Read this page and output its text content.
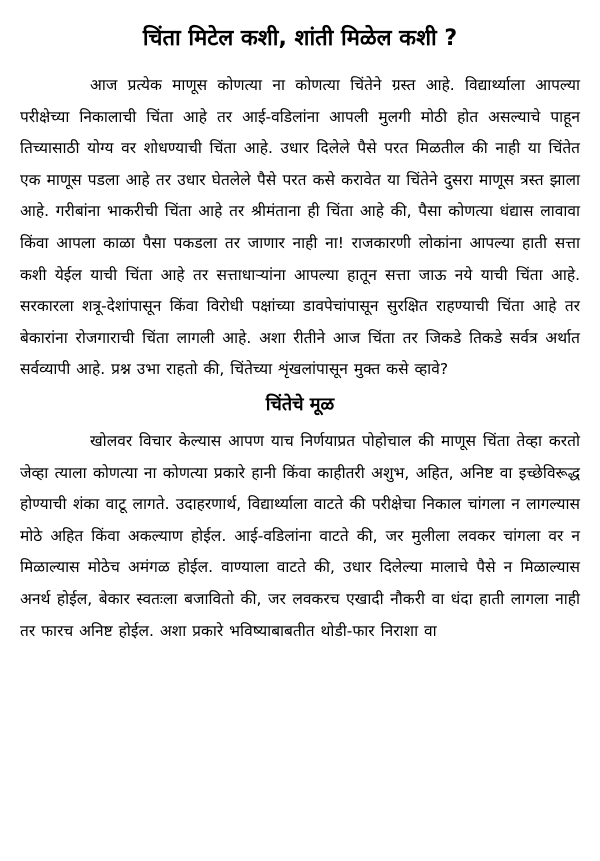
चिंता मिटेल कशी, शांती मिळेल कशी ?

आज प्रत्येक माणूस कोणत्या ना कोणत्या चिंतेने ग्रस्त आहे. विद्यार्थ्याला आपल्या परीक्षेच्या निकालाची चिंता आहे तर आई-वडिलांना आपली मुलगी मोठी होत असल्याचे पाहून तिच्यासाठी योग्य वर शोधण्याची चिंता आहे. उधार दिलेले पैसे परत मिळतील की नाही या चिंतेत एक माणूस पडला आहे तर उधार घेतलेले पैसे परत कसे करावेत या चिंतेने दुसरा माणूस त्रस्त झाला आहे. गरीबांना भाकरीची चिंता आहे तर श्रीमंताना ही चिंता आहे की, पैसा कोणत्या धंद्यास लावावा किंवा आपला काळा पैसा पकडला तर जाणार नाही ना! राजकारणी लोकांना आपल्या हाती सत्ता कशी येईल याची चिंता आहे तर सत्ताधाऱ्यांना आपल्या हातून सत्ता जाऊ नये याची चिंता आहे. सरकारला शत्रू-देशांपासून किंवा विरोधी पक्षांच्या डावपेचांपासून सुरक्षित राहण्याची चिंता आहे तर बेकारांना रोजगाराची चिंता लागली आहे. अशा रीतीने आज चिंता तर जिकडे तिकडे सर्वत्र अर्थात सर्वव्यापी आहे. प्रश्न उभा राहतो की, चिंतेच्या शृंखलांपासून मुक्त कसे व्हावे?

चिंतेचे मूळ

खोलवर विचार केल्यास आपण याच निर्णयाप्रत पोहोचाल की माणूस चिंता तेव्हा करतो जेव्हा त्याला कोणत्या ना कोणत्या प्रकारे हानी किंवा काहीतरी अशुभ, अहित, अनिष्ट वा इच्छेविरूद्ध होण्याची शंका वाटू लागते. उदाहरणार्थ, विद्यार्थ्याला वाटते की परीक्षेचा निकाल चांगला न लागल्यास मोठे अहित किंवा अकल्याण होईल. आई-वडिलांना वाटते की, जर मुलीला लवकर चांगला वर न मिळाल्यास मोठेच अमंगळ होईल. वाण्याला वाटते की, उधार दिलेल्या मालाचे पैसे न मिळाल्यास अनर्थ होईल, बेकार स्वतःला बजावितो की, जर लवकरच एखादी नौकरी वा धंदा हाती लागला नाही तर फारच अनिष्ट होईल. अशा प्रकारे भविष्याबाबतीत थोडी-फार निराशा वा
